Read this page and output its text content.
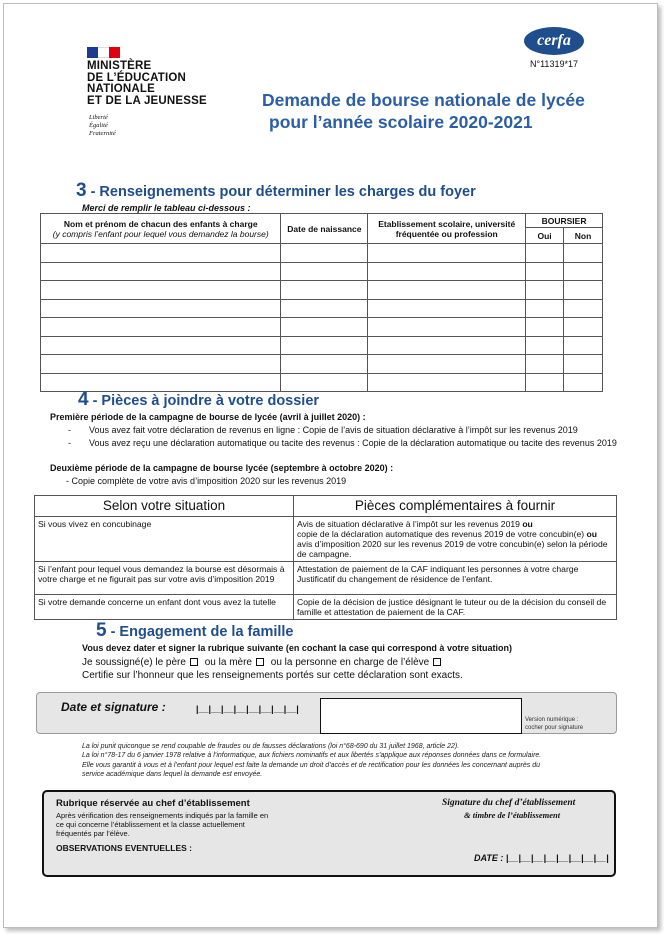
MINISTÈRE
DE L’ÉDUCATION
NATIONALE
ET DE LA JEUNESSE
Liberté
Égalité
Fraternité
cerfa
N°11319*17
Demande de bourse nationale de lycée
pour l’année scolaire 2020-2021
3 - Renseignements pour déterminer les charges du foyer
Merci de remplir le tableau ci-dessous :
Nom et prénom de chacun des enfants à charge
(y compris l’enfant pour lequel vous demandez la bourse)	Date de naissance	Etablissement scolaire, université fréquentée ou profession	BOURSIER	
			Oui	Non

4 - Pièces à joindre à votre dossier
Première période de la campagne de bourse de lycée (avril à juillet 2020) :
- Vous avez fait votre déclaration de revenus en ligne : Copie de l’avis de situation déclarative à l’impôt sur les revenus 2019
- Vous avez reçu une déclaration automatique ou tacite des revenus : Copie de la déclaration automatique ou tacite des revenus 2019
Deuxième période de la campagne de bourse lycée (septembre à octobre 2020) :
- Copie complète de votre avis d’imposition 2020 sur les revenus 2019
Selon votre situation	Pièces complémentaires à fournir
Si vous vivez en concubinage	Avis de situation déclarative à l’impôt sur les revenus 2019 ou
copie de la déclaration automatique des revenus 2019 de votre concubin(e) ou
avis d’imposition 2020 sur les revenus 2019 de votre concubin(e) selon la période de campagne.
Si l’enfant pour lequel vous demandez la bourse est désormais à votre charge et ne figurait pas sur votre avis d’imposition 2019	Attestation de paiement de la CAF indiquant les personnes à votre charge Justificatif du changement de résidence de l’enfant.
Si votre demande concerne un enfant dont vous avez la tutelle	Copie de la décision de justice désignant le tuteur ou de la décision du conseil de famille et attestation de paiement de la CAF.
5 - Engagement de la famille
Vous devez dater et signer la rubrique suivante (en cochant la case qui correspond à votre situation)
Je soussigné(e) le père ou la mère ou la personne en charge de l’élève
Certifie sur l’honneur que les renseignements portés sur cette déclaration sont exacts.
Date et signature :	|__|__|__|__|__|__|__|__|
Version numérique :
cocher pour signature
La loi punit quiconque se rend coupable de fraudes ou de fausses déclarations (loi n°68-690 du 31 juillet 1968, article 22).
La loi n°78-17 du 6 janvier 1978 relative à l’informatique, aux fichiers nominatifs et aux libertés s’applique aux réponses données dans ce formulaire. Elle vous garantit à vous et à l’enfant pour lequel est faite la demande un droit d’accès et de rectification pour les données les concernant auprès du service académique dans lequel la demande est envoyée.
Rubrique réservée au chef d’établissement
Après vérification des renseignements indiqués par la famille en ce qui concerne l’établissement et la classe actuellement fréquentés par l’élève.
OBSERVATIONS EVENTUELLES :
Signature du chef d’établissement
& timbre de l’établissement
DATE : |__|__|__|__|__|__|__|__|
